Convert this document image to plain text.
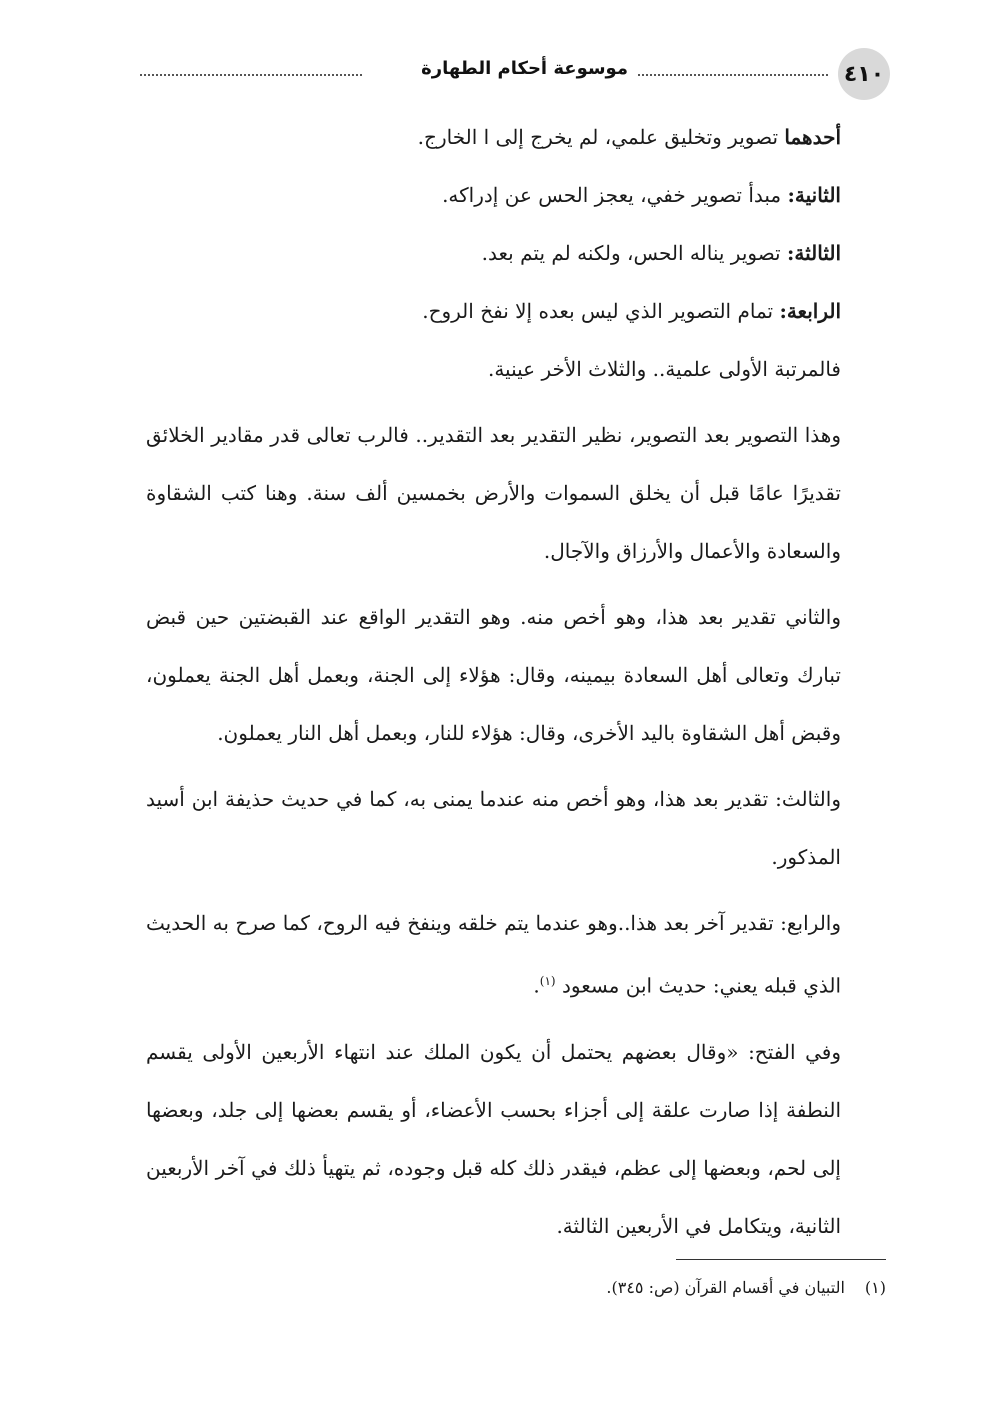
٤١٠
موسوعة أحكام الطهارة

أحدهما تصوير وتخليق علمي، لم يخرج إلى ا الخارج.

الثانية: مبدأ تصوير خفي، يعجز الحس عن إدراكه.

الثالثة: تصوير يناله الحس، ولكنه لم يتم بعد.

الرابعة: تمام التصوير الذي ليس بعده إلا نفخ الروح.

فالمرتبة الأولى علمية.. والثلاث الأخر عينية.

وهذا التصوير بعد التصوير، نظير التقدير بعد التقدير.. فالرب تعالى قدر مقادير الخلائق تقديرًا عامًا قبل أن يخلق السموات والأرض بخمسين ألف سنة. وهنا كتب الشقاوة والسعادة والأعمال والأرزاق والآجال.

والثاني تقدير بعد هذا، وهو أخص منه. وهو التقدير الواقع عند القبضتين حين قبض تبارك وتعالى أهل السعادة بيمينه، وقال: هؤلاء إلى الجنة، وبعمل أهل الجنة يعملون، وقبض أهل الشقاوة باليد الأخرى، وقال: هؤلاء للنار، وبعمل أهل النار يعملون.

والثالث: تقدير بعد هذا، وهو أخص منه عندما يمنى به، كما في حديث حذيفة ابن أسيد المذكور.

والرابع: تقدير آخر بعد هذا..وهو عندما يتم خلقه وينفخ فيه الروح، كما صرح به الحديث الذي قبله يعني: حديث ابن مسعود $^{(١)}$.

وفي الفتح: «وقال بعضهم يحتمل أن يكون الملك عند انتهاء الأربعين الأولى يقسم النطفة إذا صارت علقة إلى أجزاء بحسب الأعضاء، أو يقسم بعضها إلى جلد، وبعضها إلى لحم، وبعضها إلى عظم، فيقدر ذلك كله قبل وجوده، ثم يتهيأ ذلك في آخر الأربعين الثانية، ويتكامل في الأربعين الثالثة.

(١)التبيان في أقسام القرآن (ص: ٣٤٥).
